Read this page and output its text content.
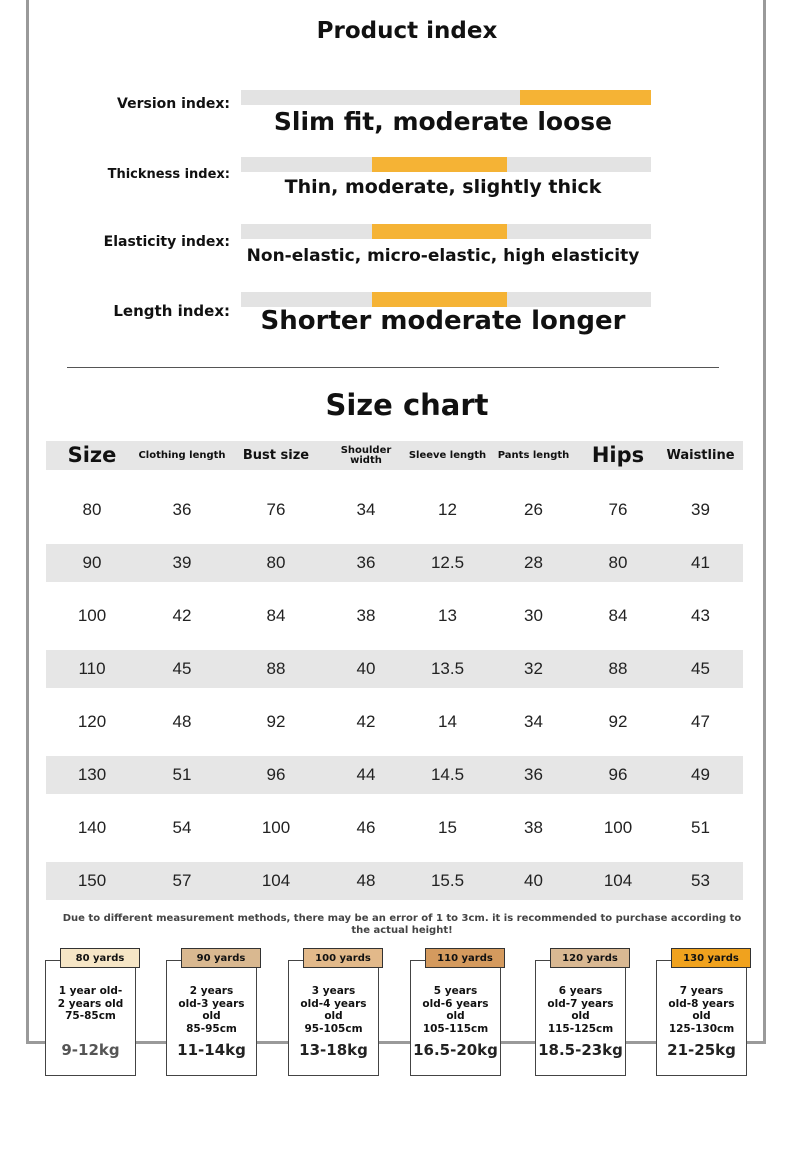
Product index
Version index:
Slim fit, moderate loose
Thickness index:
Thin, moderate, slightly thick
Elasticity index:
Non-elastic, micro-elastic, high elasticity
Length index:	Shorter moderate longer
Size chart
Size	Clothing length	Bust size	Shoulder width	Sleeve length	Pants length	Hips	Waistline
80	36	76	34	12	26	76	39
90	39	80	36	12.5	28	80	41
100	42	84	38	13	30	84	43
110	45	88	40	13.5	32	88	45
120	48	92	42	14	34	92	47
130	51	96	44	14.5	36	96	49
140	54	100	46	15	38	100	51
150	57	104	48	15.5	40	104	53
Due to different measurement methods, there may be an error of 1 to 3cm. it is recommended to purchase according to the actual height!
1 year old-2 years old
75-85cm
9-12kg
80 yards
2 years old-3 years old
85-95cm
11-14kg
90 yards
3 years old-4 years old
95-105cm
13-18kg
100 yards
5 years old-6 years old
105-115cm
16.5-20kg
110 yards
6 years old-7 years old
115-125cm
18.5-23kg
120 yards
7 years old-8 years old
125-130cm
21-25kg
130 yards
